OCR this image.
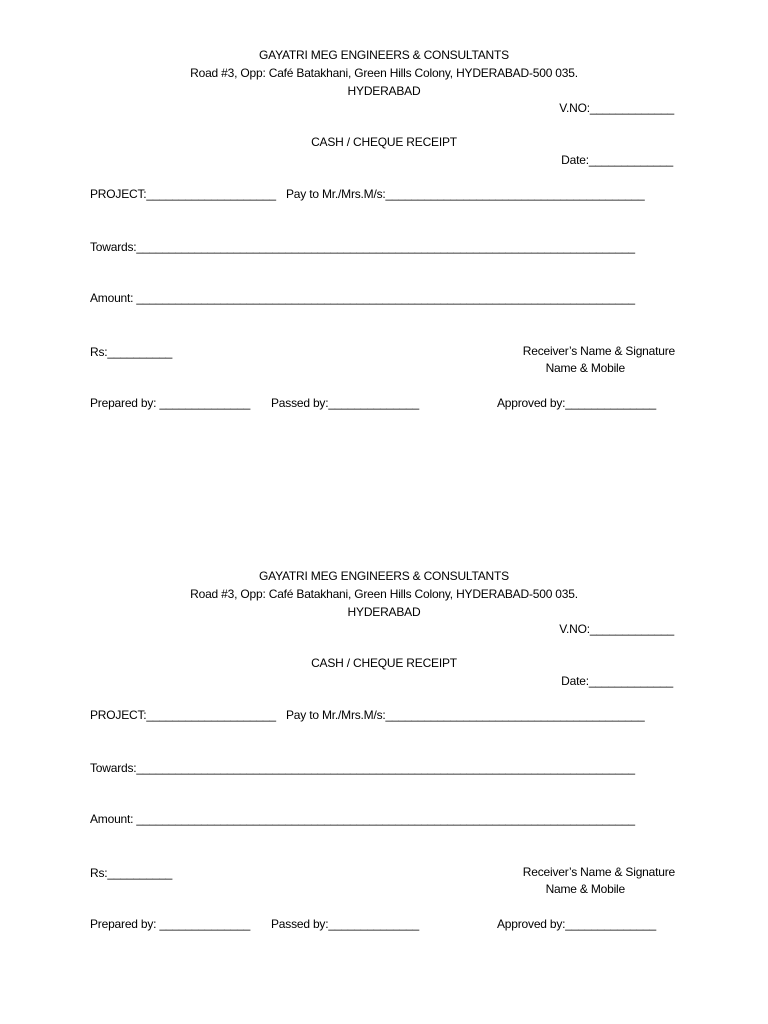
GAYATRI MEG ENGINEERS & CONSULTANTS
Road #3, Opp: Café Batakhani, Green Hills Colony, HYDERABAD-500 035.
HYDERABAD
V.NO:_____________
CASH / CHEQUE RECEIPT
Date:_____________
PROJECT:____________________ Pay to Mr./Mrs.M/s:________________________________________
Towards:_____________________________________________________________________________
Amount: _____________________________________________________________________________
Rs:__________	Receiver’s Name & Signature
Name & Mobile
Prepared by: ______________ Passed by:______________	Approved by:______________
GAYATRI MEG ENGINEERS & CONSULTANTS
Road #3, Opp: Café Batakhani, Green Hills Colony, HYDERABAD-500 035.
HYDERABAD
V.NO:_____________
CASH / CHEQUE RECEIPT
Date:_____________
PROJECT:____________________ Pay to Mr./Mrs.M/s:________________________________________
Towards:_____________________________________________________________________________
Amount: _____________________________________________________________________________
Rs:__________	Receiver’s Name & Signature
Name & Mobile
Prepared by: ______________ Passed by:______________	Approved by:______________
